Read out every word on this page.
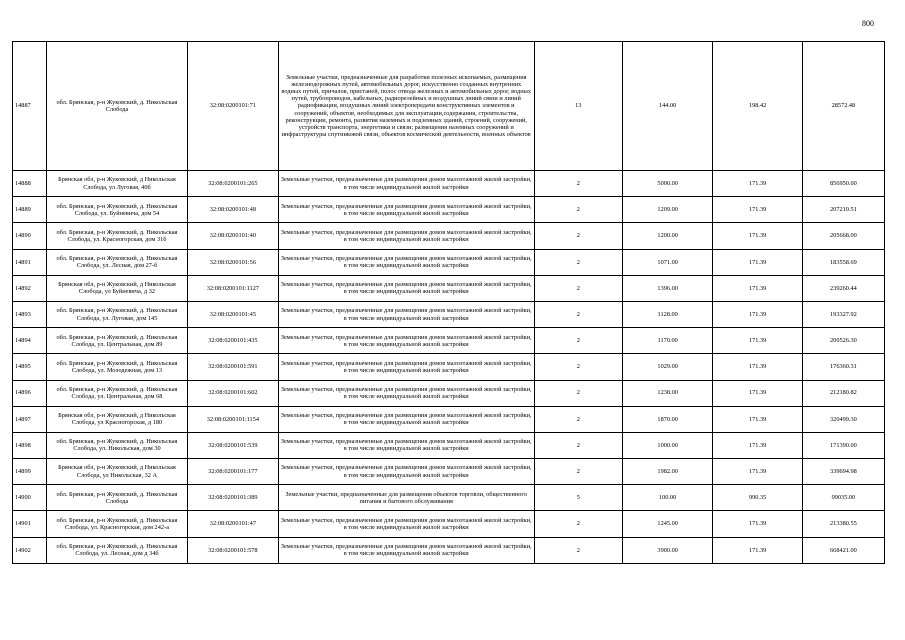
800
14887	обл. Брянская, р-н Жуковский, д. Никольская Слобода	32:08:0200101:71	Земельные участки, предназначенные для разработки полезных ископаемых, размещения железнодорожных путей, автомобильных дорог, искусственно созданных внутренних водных путей, причалов, пристаней, полос отвода железных и автомобильных дорог, водных путей, трубопроводов, кабельных, радиорелейных и воздушных линий связи и линий радиофикации, воздушных линий электропередачи конструктивных элементов и сооружений, объектов, необходимых для эксплуатации,содержания, строительства, реконструкции, ремонта, развития наземных и подземных зданий, строений, сооружений, устройств транспорта, энергетики и связи; размещения наземных сооружений и инфраструктуры спутниковой связи, объектов космической деятельности, военных объектов	13	144.00	198.42	28572.48
14888	Брянская обл, р-н Жуковский, д Никольская Слобода, ул Луговая, 40б	32:08:0200101:265	Земельные участки, предназначенные для размещения домов малоэтажной жилой застройки, в том числе индивидуальной жилой застройки	2	5000.00	171.39	856950.00
14889	обл. Брянская, р-н Жуковский, д. Никольская Слобода, ул. Буйневича, дом 54	32:08:0200101:48	Земельные участки, предназначенные для размещения домов малоэтажной жилой застройки, в том числе индивидуальной жилой застройки	2	1209.00	171.39	207210.51
14890	обл. Брянская, р-н Жуковский, д. Никольская Слобода, ул. Красногорская, дом 31б	32:08:0200101:40	Земельные участки, предназначенные для размещения домов малоэтажной жилой застройки, в том числе индивидуальной жилой застройки	2	1200.00	171.39	205668.00
14891	обл. Брянская, р-н Жуковский, д. Никольская Слобода, ул. Лесная, дом 27-б	32:08:0200101:56	Земельные участки, предназначенные для размещения домов малоэтажной жилой застройки, в том числе индивидуальной жилой застройки	2	1071.00	171.39	183558.69
14892	Брянская обл, р-н Жуковский, д Никольская Слобода, ул Буйневича, д 32	32:08:0200101:1127	Земельные участки, предназначенные для размещения домов малоэтажной жилой застройки, в том числе индивидуальной жилой застройки	2	1396.00	171.39	239260.44
14893	обл. Брянская, р-н Жуковский, д. Никольская Слобода, ул. Луговая, дом 145	32:08:0200101:45	Земельные участки, предназначенные для размещения домов малоэтажной жилой застройки, в том числе индивидуальной жилой застройки	2	1128.00	171.39	193327.92
14894	обл. Брянская, р-н Жуковский, д. Никольская Слобода, ул. Центральная, дом 89	32:08:0200101:435	Земельные участки, предназначенные для размещения домов малоэтажной жилой застройки, в том числе индивидуальной жилой застройки	2	1170.00	171.39	200526.30
14895	обл. Брянская, р-н Жуковский, д. Никольская Слобода, ул. Молодежная, дом 13	32:08:0200101:591	Земельные участки, предназначенные для размещения домов малоэтажной жилой застройки, в том числе индивидуальной жилой застройки	2	1029.00	171.39	176360.31
14896	обл. Брянская, р-н Жуковский, д. Никольская Слобода, ул. Центральная, дом 68	32:08:0200101:602	Земельные участки, предназначенные для размещения домов малоэтажной жилой застройки, в том числе индивидуальной жилой застройки	2	1238.00	171.39	212180.82
14897	Брянская обл, р-н Жуковский, д Никольская Слобода, ул Красногорская, д 180	32:08:0200101:1154	Земельные участки, предназначенные для размещения домов малоэтажной жилой застройки, в том числе индивидуальной жилой застройки	2	1870.00	171.39	320499.30
14898	обл. Брянская, р-н Жуковский, д. Никольская Слобода, ул. Никольская, дом 30	32:08:0200101:539	Земельные участки, предназначенные для размещения домов малоэтажной жилой застройки, в том числе индивидуальной жилой застройки	2	1000.00	171.39	171390.00
14899	Брянская обл, р-н Жуковский, д Никольская Слобода, ул Никольская, 32 А	32:08:0200101:177	Земельные участки, предназначенные для размещения домов малоэтажной жилой застройки, в том числе индивидуальной жилой застройки	2	1982.00	171.39	339694.98
14900	обл. Брянская, р-н Жуковский, д. Никольская Слобода	32:08:0200101:389	Земельные участки, предназначенные для размещения объектов торговли, общественного питания и бытового обслуживания	5	100.00	990.35	99035.00
14901	обл. Брянская, р-н Жуковский, д. Никольская Слобода, ул. Красногорская, дом 242-а	32:08:0200101:47	Земельные участки, предназначенные для размещения домов малоэтажной жилой застройки, в том числе индивидуальной жилой застройки	2	1245.00	171.39	213380.55
14902	обл. Брянская, р-н Жуковский, д. Никольская Слобода, ул. Лесная, дом д 34б	32:08:0200101:578	Земельные участки, предназначенные для размещения домов малоэтажной жилой застройки, в том числе индивидуальной жилой застройки	2	3900.00	171.39	668421.00
